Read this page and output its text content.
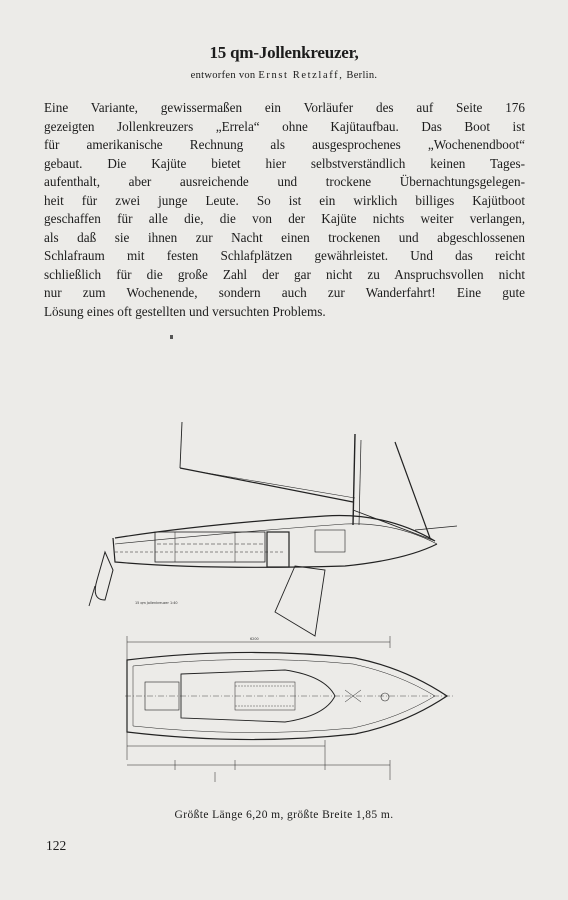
15 qm-Jollenkreuzer,
entworfen von Ernst Retzlaff, Berlin.

Eine Variante, gewissermaßen ein Vorläufer des auf Seite 176
gezeigten Jollenkreuzers „Errela“ ohne Kajütaufbau. Das Boot ist
für amerikanische Rechnung als ausgesprochenes „Wochenendboot“
gebaut. Die Kajüte bietet hier selbstverständlich keinen Tages-
aufenthalt, aber ausreichende und trockene Übernachtungsgelegen-
heit für zwei junge Leute. So ist ein wirklich billiges Kajütboot
geschaffen für alle die, die von der Kajüte nichts weiter verlangen,
als daß sie ihnen zur Nacht einen trockenen und abgeschlossenen
Schlafraum mit festen Schlafplätzen gewährleistet. Und das reicht
schließlich für die große Zahl der gar nicht zu Anspruchsvollen nicht
nur zum Wochenende, sondern auch zur Wanderfahrt! Eine gute
Lösung eines oft gestellten und versuchten Problems.

15 qm Jollenkreuzer 1:40
6200
Größte Länge 6,20 m, größte Breite 1,85 m.
122
